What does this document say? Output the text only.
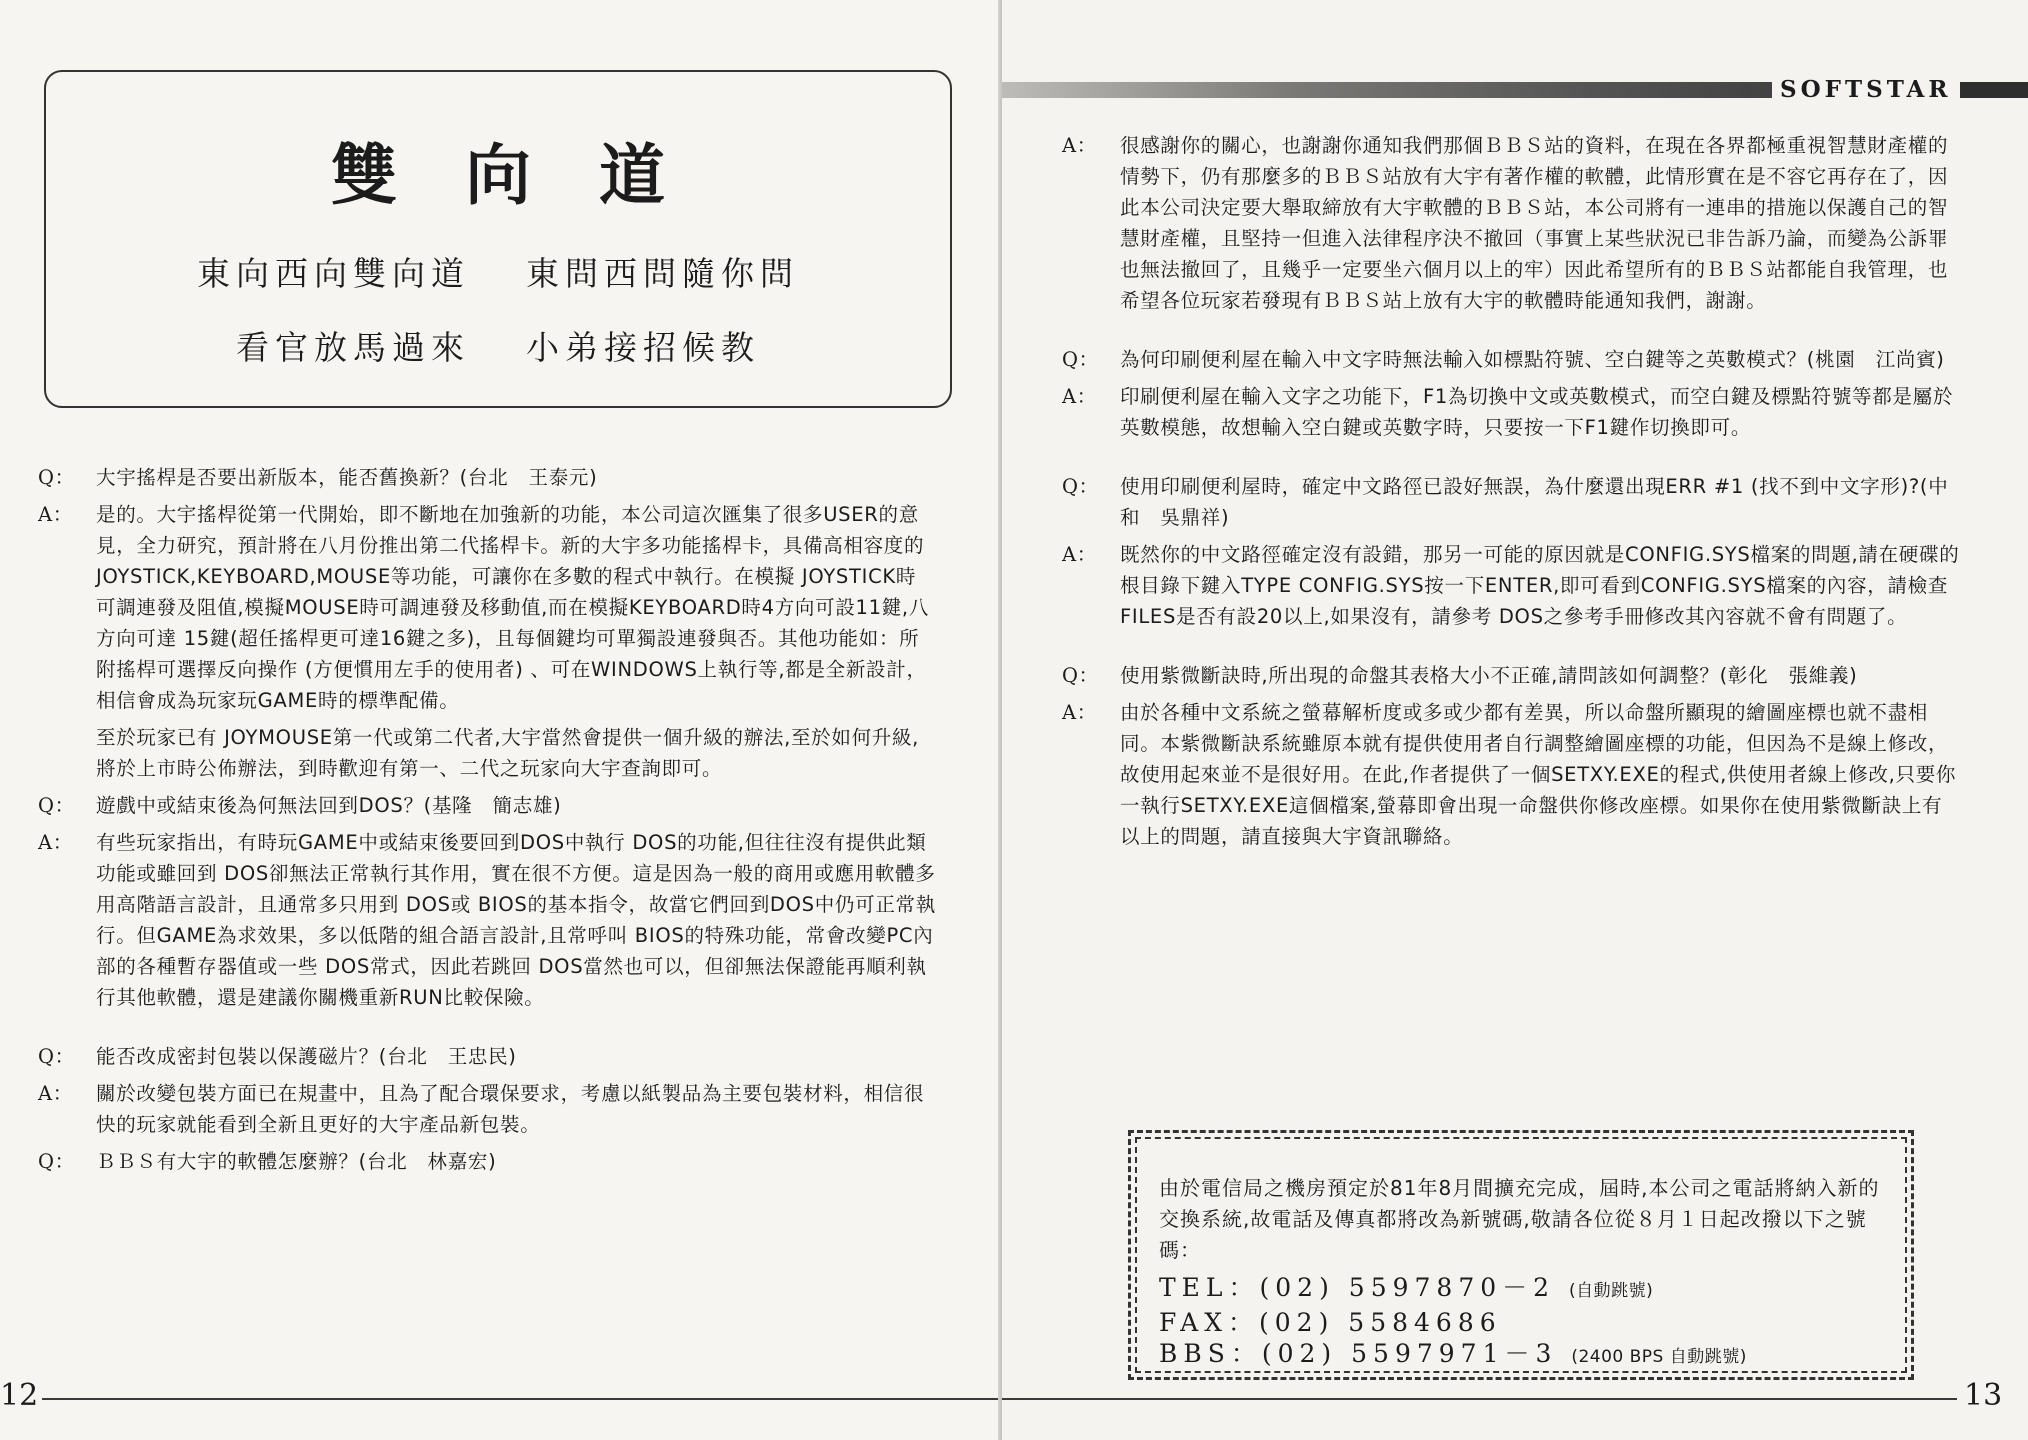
雙向道
東向西向雙向道 東問西問隨你問
看官放馬過來 小弟接招候教
Q：	大宇搖桿是否要出新版本，能否舊換新？(台北　王泰元)
A：	是的。大宇搖桿從第一代開始，即不斷地在加強新的功能，本公司這次匯集了很多USER的意見，全力研究，預計將在八月份推出第二代搖桿卡。新的大宇多功能搖桿卡，具備高相容度的JOYSTICK,KEYBOARD,MOUSE等功能，可讓你在多數的程式中執行。在模擬 JOYSTICK時可調連發及阻值,模擬MOUSE時可調連發及移動值,而在模擬KEYBOARD時4方向可設11鍵,八方向可達 15鍵(超任搖桿更可達16鍵之多)，且每個鍵均可單獨設連發與否。其他功能如：所附搖桿可選擇反向操作 (方便慣用左手的使用者) 、可在WINDOWS上執行等,都是全新設計，相信會成為玩家玩GAME時的標準配備。
至於玩家已有 JOYMOUSE第一代或第二代者,大宇當然會提供一個升級的辦法,至於如何升級,將於上市時公佈辦法，到時歡迎有第一、二代之玩家向大宇查詢即可。
Q：	遊戲中或結束後為何無法回到DOS？(基隆　簡志雄)
A：	有些玩家指出，有時玩GAME中或結束後要回到DOS中執行 DOS的功能,但往往沒有提供此類功能或雖回到 DOS卻無法正常執行其作用，實在很不方便。這是因為一般的商用或應用軟體多用高階語言設計，且通常多只用到 DOS或 BIOS的基本指令，故當它們回到DOS中仍可正常執行。但GAME為求效果，多以低階的組合語言設計,且常呼叫 BIOS的特殊功能，常會改變PC內部的各種暫存器值或一些 DOS常式，因此若跳回 DOS當然也可以，但卻無法保證能再順利執行其他軟體，還是建議你關機重新RUN比較保險。
Q：	能否改成密封包裝以保護磁片？(台北　王忠民)
A：	關於改變包裝方面已在規畫中，且為了配合環保要求，考慮以紙製品為主要包裝材料，相信很快的玩家就能看到全新且更好的大宇產品新包裝。
Q：	ＢＢＳ有大宇的軟體怎麼辦？(台北　林嘉宏)
12
SOFTSTAR
A：	很感謝你的關心，也謝謝你通知我們那個ＢＢＳ站的資料，在現在各界都極重視智慧財產權的情勢下，仍有那麼多的ＢＢＳ站放有大宇有著作權的軟體，此情形實在是不容它再存在了，因此本公司決定要大舉取締放有大宇軟體的ＢＢＳ站，本公司將有一連串的措施以保護自己的智慧財產權，且堅持一但進入法律程序決不撤回（事實上某些狀況已非告訴乃論，而變為公訴罪也無法撤回了，且幾乎一定要坐六個月以上的牢）因此希望所有的ＢＢＳ站都能自我管理，也希望各位玩家若發現有ＢＢＳ站上放有大宇的軟體時能通知我們，謝謝。
Q：	為何印刷便利屋在輸入中文字時無法輸入如標點符號、空白鍵等之英數模式？(桃園　江尚賓)
A：	印刷便利屋在輸入文字之功能下，F1為切換中文或英數模式，而空白鍵及標點符號等都是屬於英數模態，故想輸入空白鍵或英數字時，只要按一下F1鍵作切換即可。
Q：	使用印刷便利屋時，確定中文路徑已設好無誤，為什麼還出現ERR #1 (找不到中文字形)?(中和　吳鼎祥)
A：	既然你的中文路徑確定沒有設錯，那另一可能的原因就是CONFIG.SYS檔案的問題,請在硬碟的根目錄下鍵入TYPE CONFIG.SYS按一下ENTER,即可看到CONFIG.SYS檔案的內容，請檢查FILES是否有設20以上,如果沒有，請參考 DOS之參考手冊修改其內容就不會有問題了。
Q：	使用紫微斷訣時,所出現的命盤其表格大小不正確,請問該如何調整？(彰化　張維義)
A：	由於各種中文系統之螢幕解析度或多或少都有差異，所以命盤所顯現的繪圖座標也就不盡相同。本紫微斷訣系統雖原本就有提供使用者自行調整繪圖座標的功能，但因為不是線上修改，故使用起來並不是很好用。在此,作者提供了一個SETXY.EXE的程式,供使用者線上修改,只要你一執行SETXY.EXE這個檔案,螢幕即會出現一命盤供你修改座標。如果你在使用紫微斷訣上有以上的問題，請直接與大宇資訊聯絡。
由於電信局之機房預定於81年8月間擴充完成，屆時,本公司之電話將納入新的交換系統,故電話及傳真都將改為新號碼,敬請各位從８月１日起改撥以下之號碼：
TEL：(02) 5597870－2 (自動跳號)
FAX：(02) 5584686
BBS：(02) 5597971－3 (2400 BPS 自動跳號)
13
